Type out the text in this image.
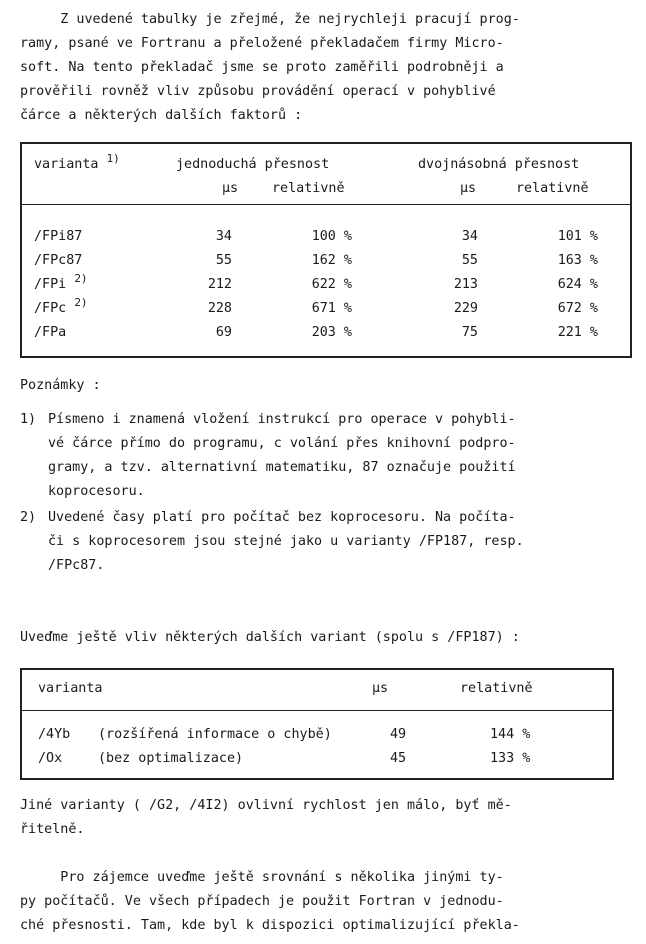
Z uvedené tabulky je zřejmé, že nejrychleji pracují prog-
ramy, psané ve Fortranu a přeložené překladačem firmy Micro-
soft. Na tento překladač jsme se proto zaměřili podrobněji a
prověřili rovněž vliv způsobu provádění operací v pohyblivé
čárce a některých dalších faktorů :
varianta $^{1)}$	jednoduchá přesnost	dvojnásobná přesnost
μs	relativně	μs	relativně
/FPi87	34	100 %	34	101 %
/FPc87	55	162 %	55	163 %
/FPi $^{2)}$	212	622 %	213	624 %
/FPc $^{2)}$	228	671 %	229	672 %
/FPa	69	203 %	75	221 %
Poznámky :
1) Písmeno i znamená vložení instrukcí pro operace v pohybli-
vé čárce přímo do programu, c volání přes knihovní podpro-
gramy, a tzv. alternativní matematiku, 87 označuje použití
koprocesoru.
2) Uvedené časy platí pro počítač bez koprocesoru. Na počíta-
či s koprocesorem jsou stejné jako u varianty /FP187, resp.
/FPc87.
Uveďme ještě vliv některých dalších variant (spolu s /FP187) :
varianta	μs	relativně
/4Yb (rozšířená informace o chybě)	49	144 %
/Ox	(bez optimalizace)	45	133 %
Jiné varianty ( /G2, /4I2) ovlivní rychlost jen málo, byť mě-
řitelně.
Pro zájemce uveďme ještě srovnání s několika jinými ty-
py počítačů. Ve všech případech je použit Fortran v jednodu-
ché přesnosti. Tam, kde byl k dispozici optimalizující překla-
